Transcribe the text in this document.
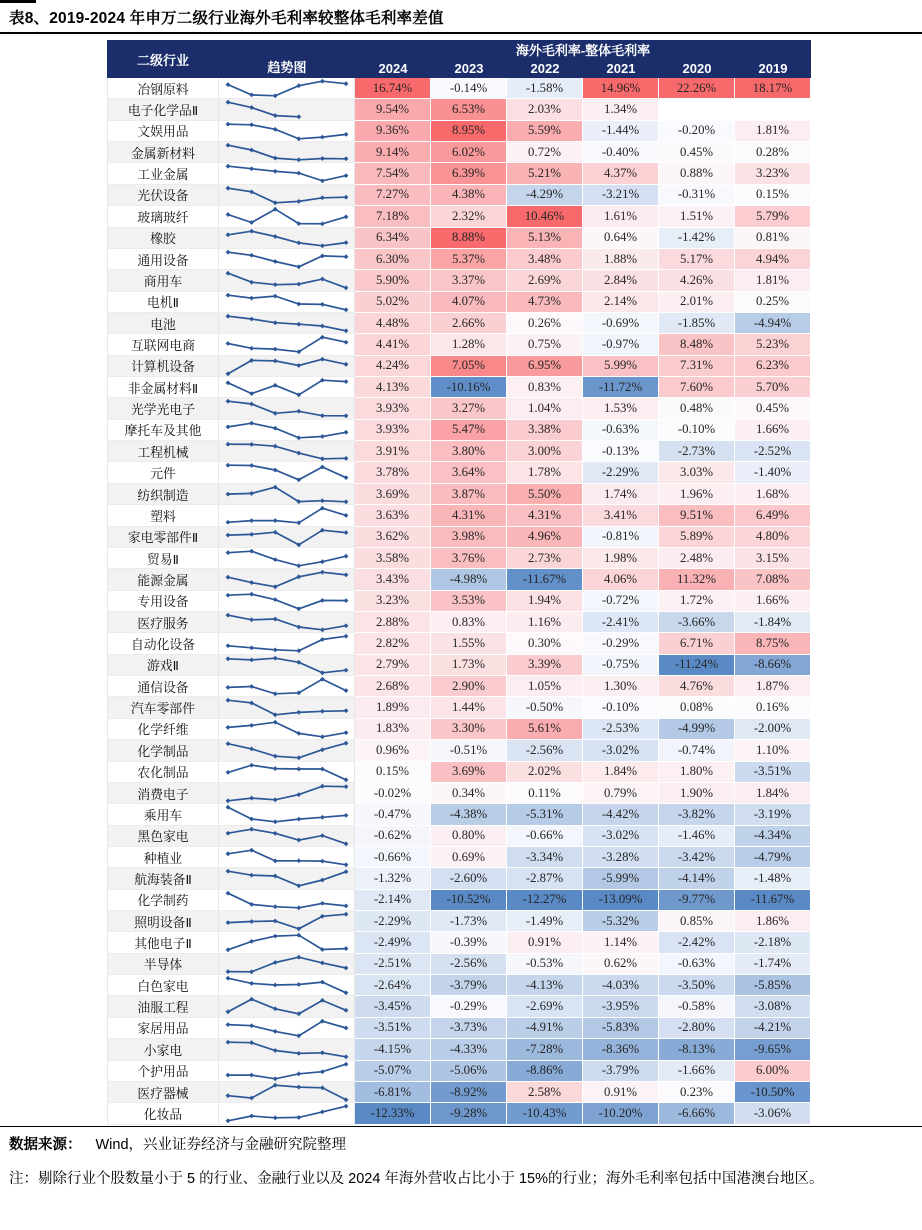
表8、2019-2024 年申万二级行业海外毛利率较整体毛利率差值
二级行业	趋势图
海外毛利率-整体毛利率
2024	2023	2022	2021	2020	2019
冶钢原料	16.74%	-0.14%	-1.58%	14.96%	22.26%	18.17%
电子化学品Ⅱ	9.54%	6.53%	2.03%	1.34%
文娱用品	9.36%	8.95%	5.59%	-1.44%	-0.20%	1.81%
金属新材料	9.14%	6.02%	0.72%	-0.40%	0.45%	0.28%
工业金属	7.54%	6.39%	5.21%	4.37%	0.88%	3.23%
光伏设备	7.27%	4.38%	-4.29%	-3.21%	-0.31%	0.15%
玻璃玻纤	7.18%	2.32%	10.46%	1.61%	1.51%	5.79%
橡胶	6.34%	8.88%	5.13%	0.64%	-1.42%	0.81%
通用设备	6.30%	5.37%	3.48%	1.88%	5.17%	4.94%
商用车	5.90%	3.37%	2.69%	2.84%	4.26%	1.81%
电机Ⅱ	5.02%	4.07%	4.73%	2.14%	2.01%	0.25%
电池	4.48%	2.66%	0.26%	-0.69%	-1.85%	-4.94%
互联网电商	4.41%	1.28%	0.75%	-0.97%	8.48%	5.23%
计算机设备	4.24%	7.05%	6.95%	5.99%	7.31%	6.23%
非金属材料Ⅱ	4.13%	-10.16%	0.83%	-11.72%	7.60%	5.70%
光学光电子	3.93%	3.27%	1.04%	1.53%	0.48%	0.45%
摩托车及其他	3.93%	5.47%	3.38%	-0.63%	-0.10%	1.66%
工程机械	3.91%	3.80%	3.00%	-0.13%	-2.73%	-2.52%
元件	3.78%	3.64%	1.78%	-2.29%	3.03%	-1.40%
纺织制造	3.69%	3.87%	5.50%	1.74%	1.96%	1.68%
塑料	3.63%	4.31%	4.31%	3.41%	9.51%	6.49%
家电零部件Ⅱ	3.62%	3.98%	4.96%	-0.81%	5.89%	4.80%
贸易Ⅱ	3.58%	3.76%	2.73%	1.98%	2.48%	3.15%
能源金属	3.43%	-4.98%	-11.67%	4.06%	11.32%	7.08%
专用设备	3.23%	3.53%	1.94%	-0.72%	1.72%	1.66%
医疗服务	2.88%	0.83%	1.16%	-2.41%	-3.66%	-1.84%
自动化设备	2.82%	1.55%	0.30%	-0.29%	6.71%	8.75%
游戏Ⅱ	2.79%	1.73%	3.39%	-0.75%	-11.24%	-8.66%
通信设备	2.68%	2.90%	1.05%	1.30%	4.76%	1.87%
汽车零部件	1.89%	1.44%	-0.50%	-0.10%	0.08%	0.16%
化学纤维	1.83%	3.30%	5.61%	-2.53%	-4.99%	-2.00%
化学制品	0.96%	-0.51%	-2.56%	-3.02%	-0.74%	1.10%
农化制品	0.15%	3.69%	2.02%	1.84%	1.80%	-3.51%
消费电子	-0.02%	0.34%	0.11%	0.79%	1.90%	1.84%
乘用车	-0.47%	-4.38%	-5.31%	-4.42%	-3.82%	-3.19%
黑色家电	-0.62%	0.80%	-0.66%	-3.02%	-1.46%	-4.34%
种植业	-0.66%	0.69%	-3.34%	-3.28%	-3.42%	-4.79%
航海装备Ⅱ	-1.32%	-2.60%	-2.87%	-5.99%	-4.14%	-1.48%
化学制药	-2.14%	-10.52%	-12.27%	-13.09%	-9.77%	-11.67%
照明设备Ⅱ	-2.29%	-1.73%	-1.49%	-5.32%	0.85%	1.86%
其他电子Ⅱ	-2.49%	-0.39%	0.91%	1.14%	-2.42%	-2.18%
半导体	-2.51%	-2.56%	-0.53%	0.62%	-0.63%	-1.74%
白色家电	-2.64%	-3.79%	-4.13%	-4.03%	-3.50%	-5.85%
油服工程	-3.45%	-0.29%	-2.69%	-3.95%	-0.58%	-3.08%
家居用品	-3.51%	-3.73%	-4.91%	-5.83%	-2.80%	-4.21%
小家电	-4.15%	-4.33%	-7.28%	-8.36%	-8.13%	-9.65%
个护用品	-5.07%	-5.06%	-8.86%	-3.79%	-1.66%	6.00%
医疗器械	-6.81%	-8.92%	2.58%	0.91%	0.23%	-10.50%
化妆品	-12.33%	-9.28%	-10.43%	-10.20%	-6.66%	-3.06%
数据来源： Wind，兴业证券经济与金融研究院整理
注：剔除行业个股数量小于 5 的行业、金融行业以及 2024 年海外营收占比小于 15%的行业；海外毛利率包括中国港澳台地区。
